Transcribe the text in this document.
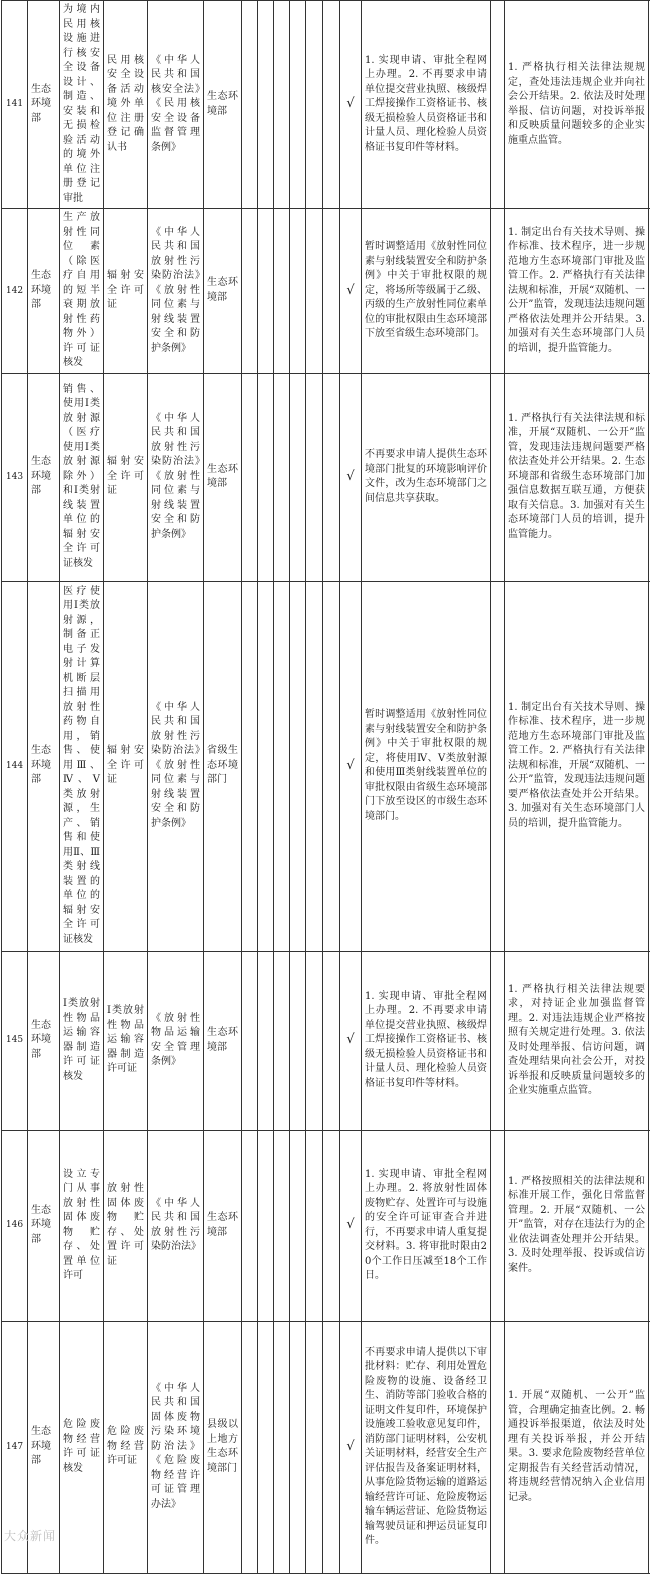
141	生态环境部	为境内民用核设施进行核安全设备设计、制造、安装和无损检验活动的境外单位注册登记审批	民用核安全设备活动境外单位注册登记确认书	《中华人民共和国核安全法》《民用核安全设备监督管理条例》	生态环境部							√	1. 实现申请、审批全程网上办理。2. 不再要求申请单位提交营业执照、核级焊工焊接操作工资格证书、核级无损检验人员资格证书和计量人员、理化检验人员资格证书复印件等材料。		1. 严格执行相关法律法规规定，查处违法违规企业并向社会公开结果。2. 依法及时处理举报、信访问题，对投诉举报和反映质量问题较多的企业实施重点监管。	
142	生态环境部	生产放射性同位素（除医疗自用的短半衰期放射性药物外）许可证核发	辐射安全许可证	《中华人民共和国放射性污染防治法》《放射性同位素与射线装置安全和防护条例》	生态环境部							√	暂时调整适用《放射性同位素与射线装置安全和防护条例》中关于审批权限的规定，将场所等级属于乙级、丙级的生产放射性同位素单位的审批权限由生态环境部下放至省级生态环境部门。		1. 制定出台有关技术导则、操作标准、技术程序，进一步规范地方生态环境部门审批及监管工作。2. 严格执行有关法律法规和标准，开展“双随机、一公开”监管，发现违法违规问题严格依法处理并公开结果。3. 加强对有关生态环境部门人员的培训，提升监管能力。	
143	生态环境部	销售、使用Ⅰ类放射源（医疗使用Ⅰ类放射源除外）和Ⅰ类射线装置单位的辐射安全许可证核发	辐射安全许可证	《中华人民共和国放射性污染防治法》《放射性同位素与射线装置安全和防护条例》	生态环境部							√	不再要求申请人提供生态环境部门批复的环境影响评价文件，改为生态环境部门之间信息共享获取。		1. 严格执行有关法律法规和标准，开展“双随机、一公开”监管，发现违法违规问题要严格依法查处并公开结果。2. 生态环境部和省级生态环境部门加强信息数据互联互通，方便获取有关信息。3. 加强对有关生态环境部门人员的培训，提升监管能力。	
144	生态环境部	医疗使用Ⅰ类放射源，制备正电子发射计算机断层扫描用放射性药物自用，销售、使用Ⅲ、Ⅳ、Ⅴ类放射源，生产、销售和使用Ⅱ、Ⅲ类射线装置的单位的辐射安全许可证核发	辐射安全许可证	《中华人民共和国放射性污染防治法》《放射性同位素与射线装置安全和防护条例》	省级生态环境部门							√	暂时调整适用《放射性同位素与射线装置安全和防护条例》中关于审批权限的规定，将使用Ⅳ、Ⅴ类放射源和使用Ⅲ类射线装置单位的审批权限由省级生态环境部门下放至设区的市级生态环境部门。		1. 制定出台有关技术导则、操作标准、技术程序，进一步规范地方生态环境部门审批及监管工作。2. 严格执行有关法律法规和标准，开展“双随机、一公开”监管，发现违法违规问题要严格依法查处并公开结果。3. 加强对有关生态环境部门人员的培训，提升监管能力。	
145	生态环境部	Ⅰ类放射性物品运输容器制造许可证核发	Ⅰ类放射性物品运输容器制造许可证	《放射性物品运输安全管理条例》	生态环境部							√	1. 实现申请、审批全程网上办理。2. 不再要求申请单位提交营业执照、核级焊工焊接操作工资格证书、核级无损检验人员资格证书和计量人员、理化检验人员资格证书复印件等材料。		1. 严格执行相关法律法规要求，对持证企业加强监督管理。2. 对违法违规企业严格按照有关规定进行处理。3. 依法及时处理举报、信访问题，调查处理结果向社会公开，对投诉举报和反映质量问题较多的企业实施重点监管。	
146	生态环境部	设立专门从事放射性固体废物贮存、处置单位许可	放射性固体废物贮存、处置许可证	《中华人民共和国放射性污染防治法》	生态环境部							√	1. 实现申请、审批全程网上办理。2. 将放射性固体废物贮存、处置许可与设施的安全许可证审查合并进行，不再要求申请人重复提交材料。3. 将审批时限由20个工作日压减至18个工作日。		1. 严格按照相关的法律法规和标准开展工作，强化日常监督管理。2. 开展“双随机、一公开”监管，对存在违法行为的企业依法调查处理并公开结果。3. 及时处理举报、投诉或信访案件。	
147	生态环境部	危险废物经营许可证核发	危险废物经营许可证	《中华人民共和国固体废物污染环境防治法》《危险废物经营许可证管理办法》	县级以上地方生态环境部门							√	不再要求申请人提供以下审批材料：贮存、利用处置危险废物的设施、设备经卫生、消防等部门验收合格的证明文件复印件，环境保护设施竣工验收意见复印件，消防部门证明材料，公安机关证明材料，经营安全生产评估报告及备案证明材料，从事危险货物运输的道路运输经营许可证、危险废物运输车辆运营证、危险货物运输驾驶员证和押运员证复印件。		1. 开展“双随机、一公开”监管，合理确定抽查比例。2. 畅通投诉举报渠道，依法及时处理有关投诉举报，并公开结果。3. 要求危险废物经营单位定期报告有关经营活动情况，将违规经营情况纳入企业信用记录。	
大众新闻
